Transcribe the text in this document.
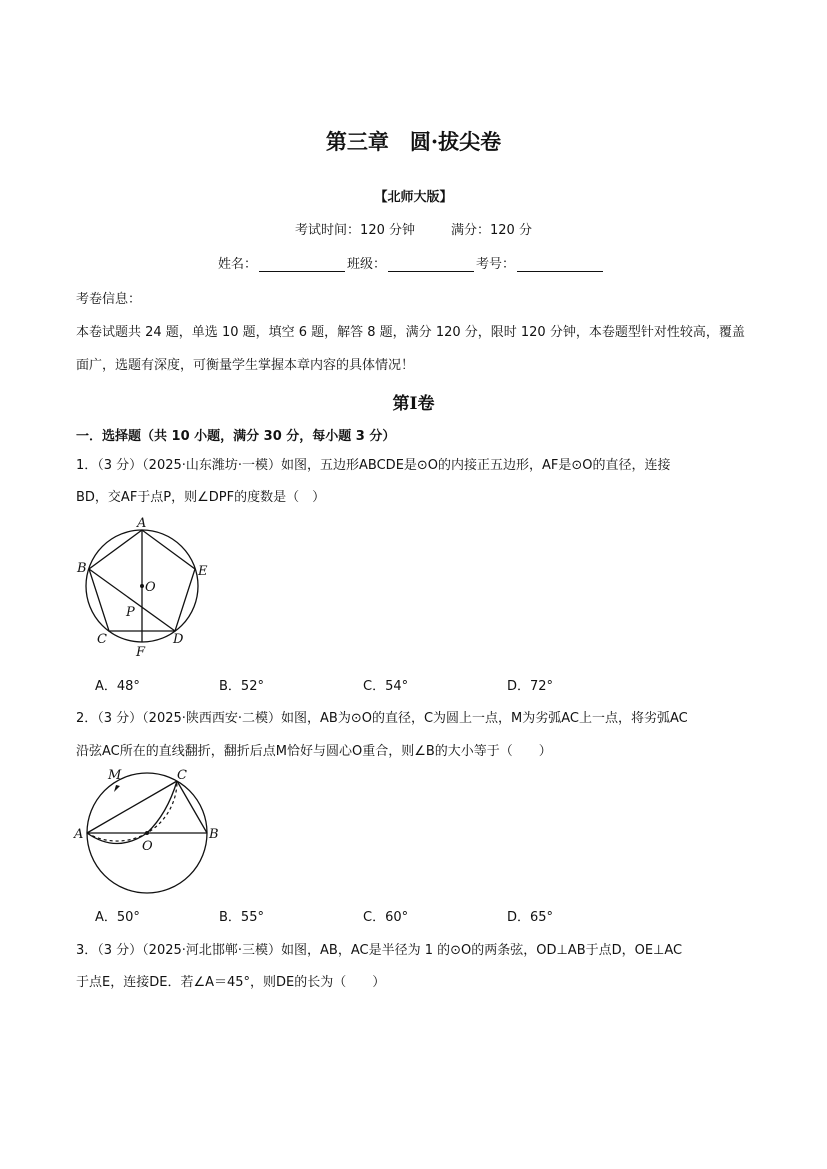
第三章　圆·拔尖卷
【北师大版】
考试时间：120 分钟	满分：120 分
姓名：	班级：	考号：
考卷信息：
本卷试题共 24 题，单选 10 题，填空 6 题，解答 8 题，满分 120 分，限时 120 分钟，本卷题型针对性较高，覆盖
面广，选题有深度，可衡量学生掌握本章内容的具体情况！
第I卷
一．选择题（共 10 小题，满分 30 分，每小题 3 分）
1．（3 分）（2025·山东潍坊·一模）如图，五边形ABCDE是⊙O的内接正五边形，AF是⊙O的直径，连接
BD，交AF于点P，则∠DPF的度数是（　）
A
B
C	D
E
F
O
P
A．48°	B．52°	C．54°	D．72°
2．（3 分）（2025·陕西西安·二模）如图，AB为⊙O的直径，C为圆上一点，M为劣弧AC上一点，将劣弧AC
沿弦AC所在的直线翻折，翻折后点M恰好与圆心O重合，则∠B的大小等于（　　）
M	C
A	B
O
A．50°	B．55°	C．60°	D．65°
3．（3 分）（2025·河北邯郸·三模）如图，AB，AC是半径为 1 的⊙O的两条弦，OD⊥AB于点D，OE⊥AC
于点E，连接DE．若∠A＝45°，则DE的长为（　　）
